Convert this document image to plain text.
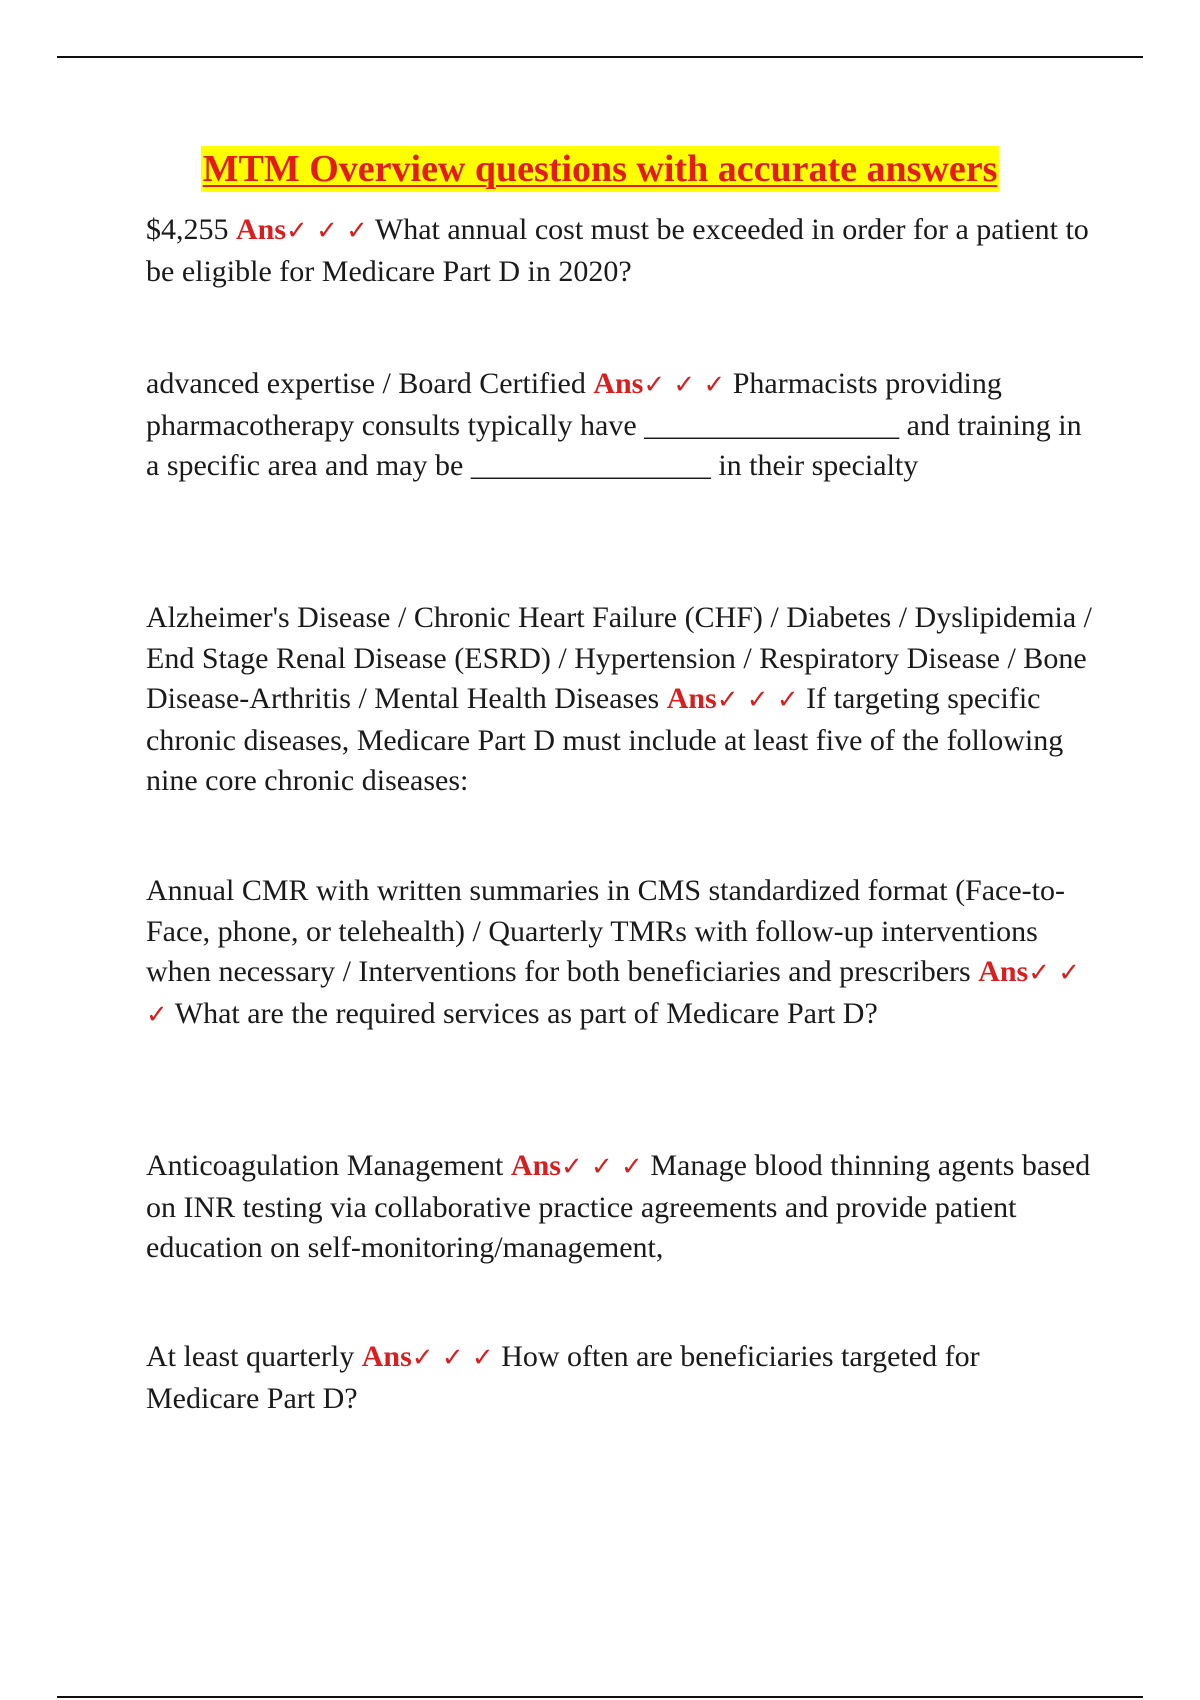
MTM Overview questions with accurate answers

$4,255 Ans✓ ✓ ✓ What annual cost must be exceeded in order for a patient to be eligible for Medicare Part D in 2020?

advanced expertise / Board Certified Ans✓ ✓ ✓ Pharmacists providing pharmacotherapy consults typically have _________________ and training in a specific area and may be ________________ in their specialty

Alzheimer's Disease / Chronic Heart Failure (CHF) / Diabetes / Dyslipidemia / End Stage Renal Disease (ESRD) / Hypertension / Respiratory Disease / Bone Disease-Arthritis / Mental Health Diseases Ans✓ ✓ ✓ If targeting specific chronic diseases, Medicare Part D must include at least five of the following nine core chronic diseases:

Annual CMR with written summaries in CMS standardized format (Face-to-Face, phone, or telehealth) / Quarterly TMRs with follow-up interventions when necessary / Interventions for both beneficiaries and prescribers Ans✓ ✓ ✓ What are the required services as part of Medicare Part D?

Anticoagulation Management Ans✓ ✓ ✓ Manage blood thinning agents based on INR testing via collaborative practice agreements and provide patient education on self-monitoring/management,

At least quarterly Ans✓ ✓ ✓ How often are beneficiaries targeted for Medicare Part D?
